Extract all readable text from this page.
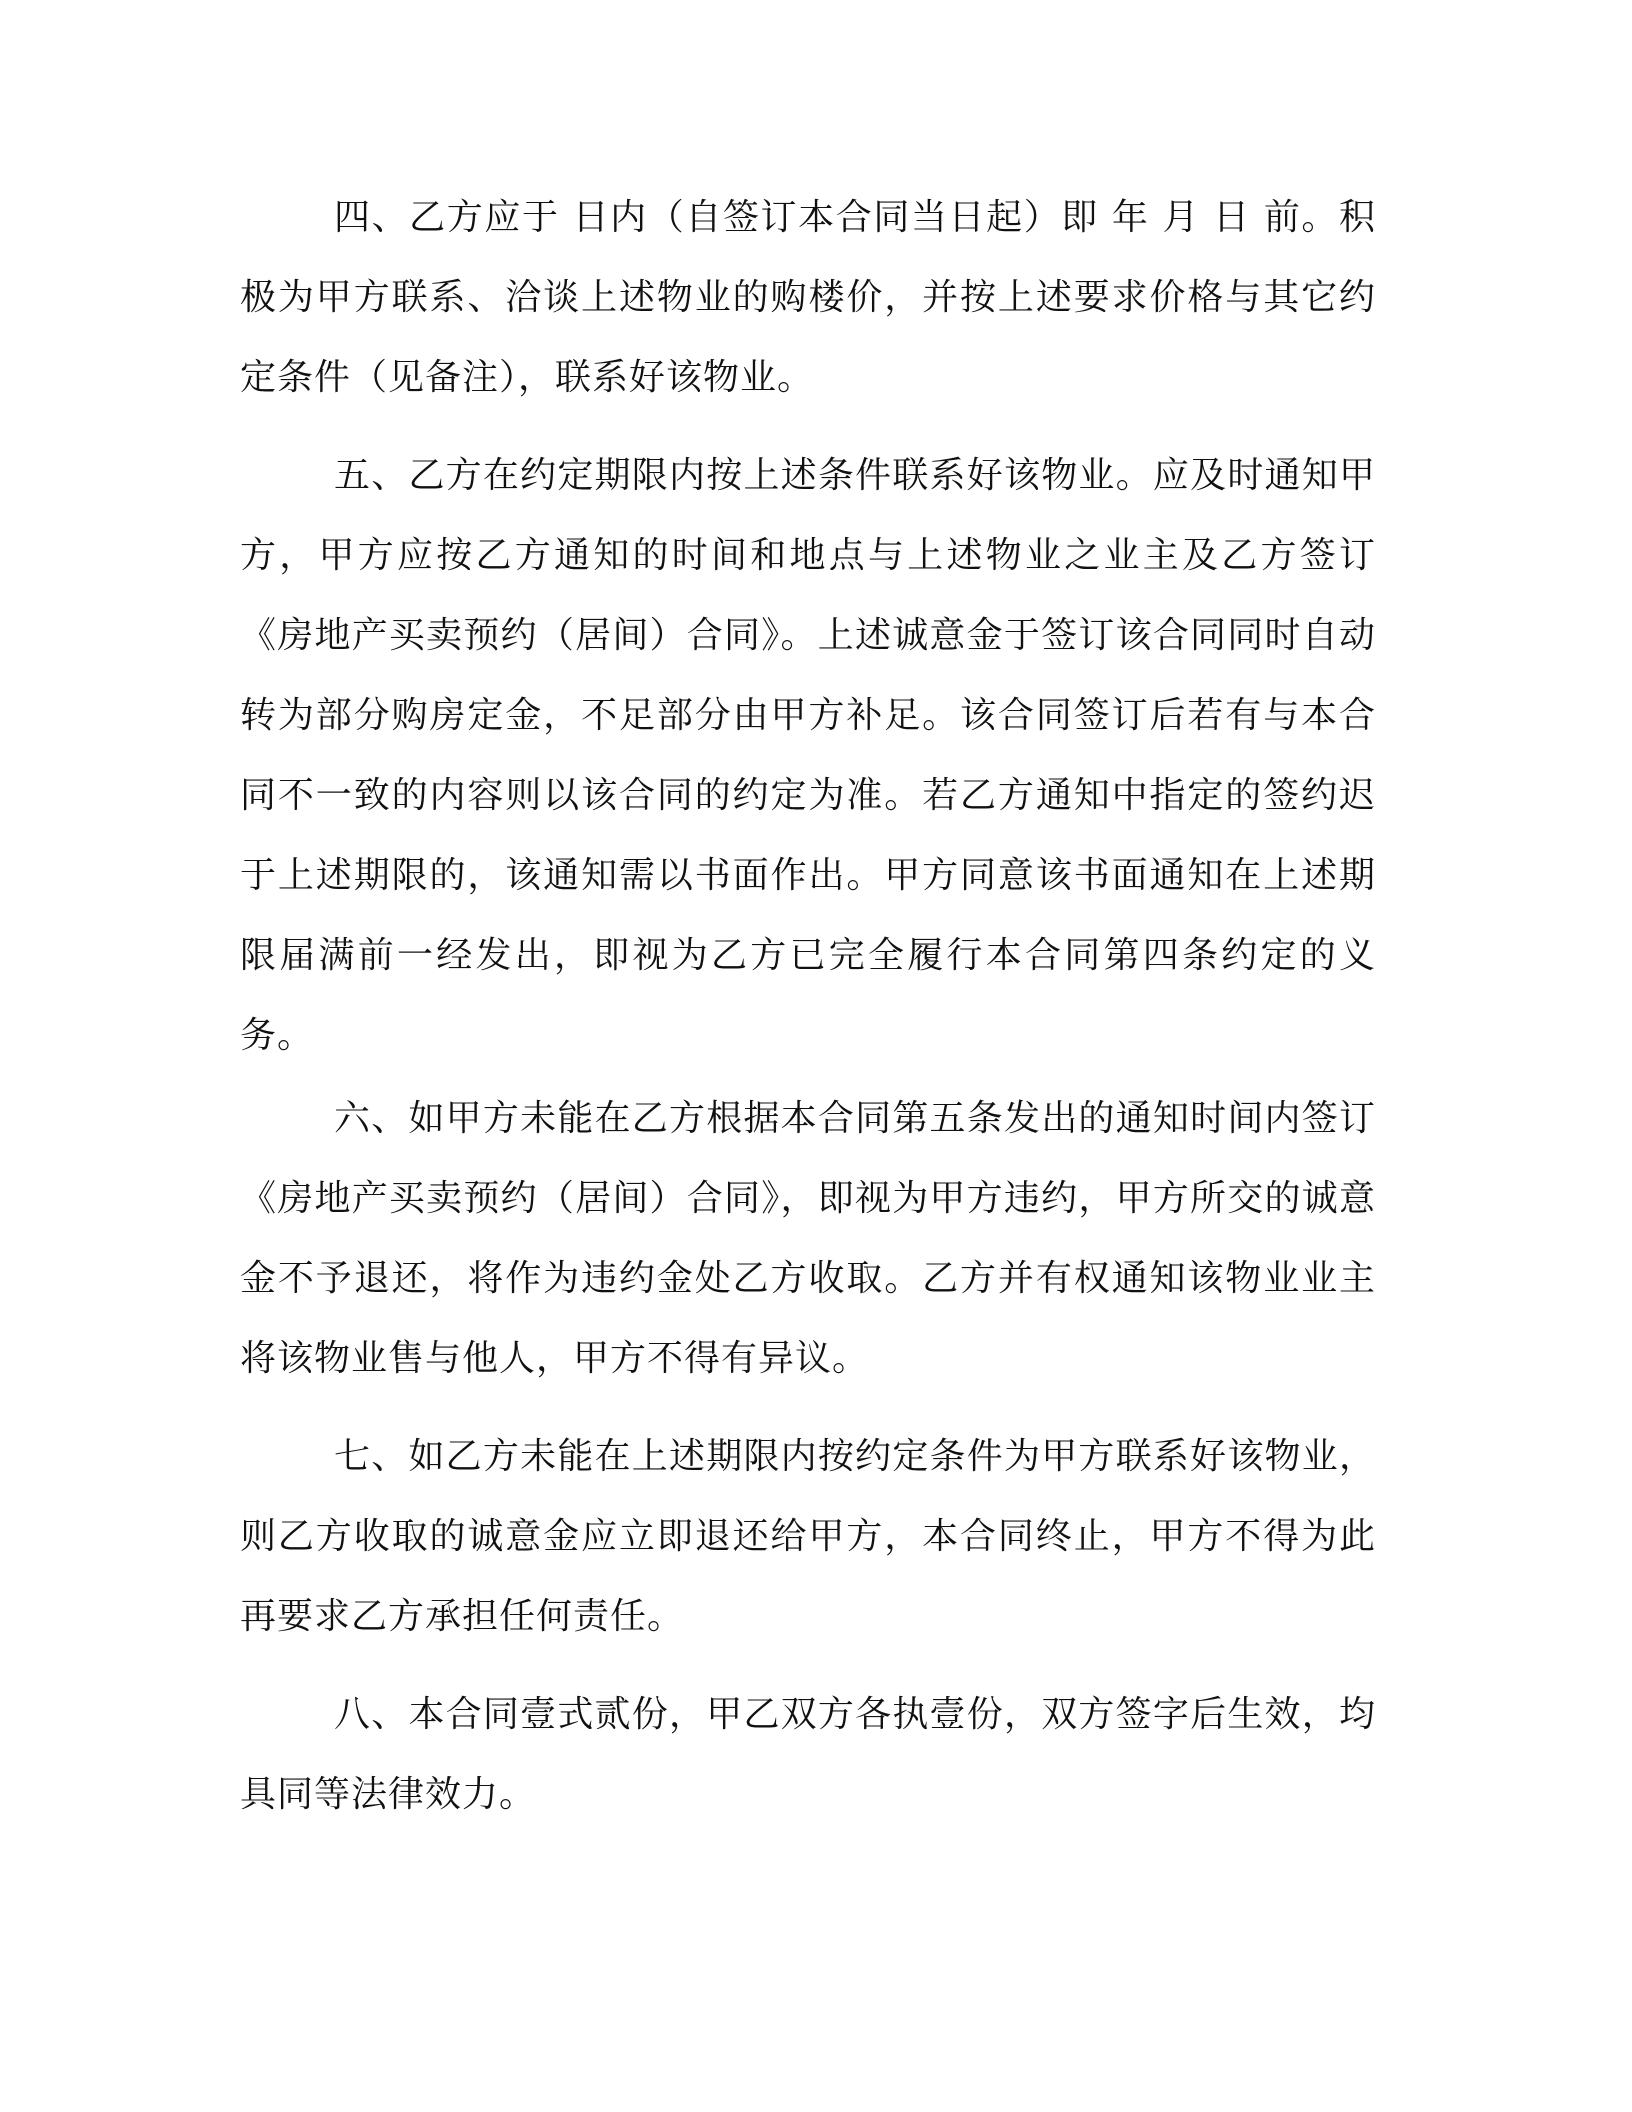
四、乙方应于 日内（自签订本合同当日起）即 年 月 日 前。积极为甲方联系、洽谈上述物业的购楼价，并按上述要求价格与其它约定条件（见备注），联系好该物业。

五、乙方在约定期限内按上述条件联系好该物业。应及时通知甲方，甲方应按乙方通知的时间和地点与上述物业之业主及乙方签订《房地产买卖预约（居间）合同》。上述诚意金于签订该合同同时自动转为部分购房定金，不足部分由甲方补足。该合同签订后若有与本合同不一致的内容则以该合同的约定为准。若乙方通知中指定的签约迟于上述期限的，该通知需以书面作出。甲方同意该书面通知在上述期限届满前一经发出，即视为乙方已完全履行本合同第四条约定的义务。

六、如甲方未能在乙方根据本合同第五条发出的通知时间内签订《房地产买卖预约（居间）合同》，即视为甲方违约，甲方所交的诚意金不予退还，将作为违约金处乙方收取。乙方并有权通知该物业业主将该物业售与他人，甲方不得有异议。

七、如乙方未能在上述期限内按约定条件为甲方联系好该物业，则乙方收取的诚意金应立即退还给甲方，本合同终止，甲方不得为此再要求乙方承担任何责任。

八、本合同壹式贰份，甲乙双方各执壹份，双方签字后生效，均具同等法律效力。
